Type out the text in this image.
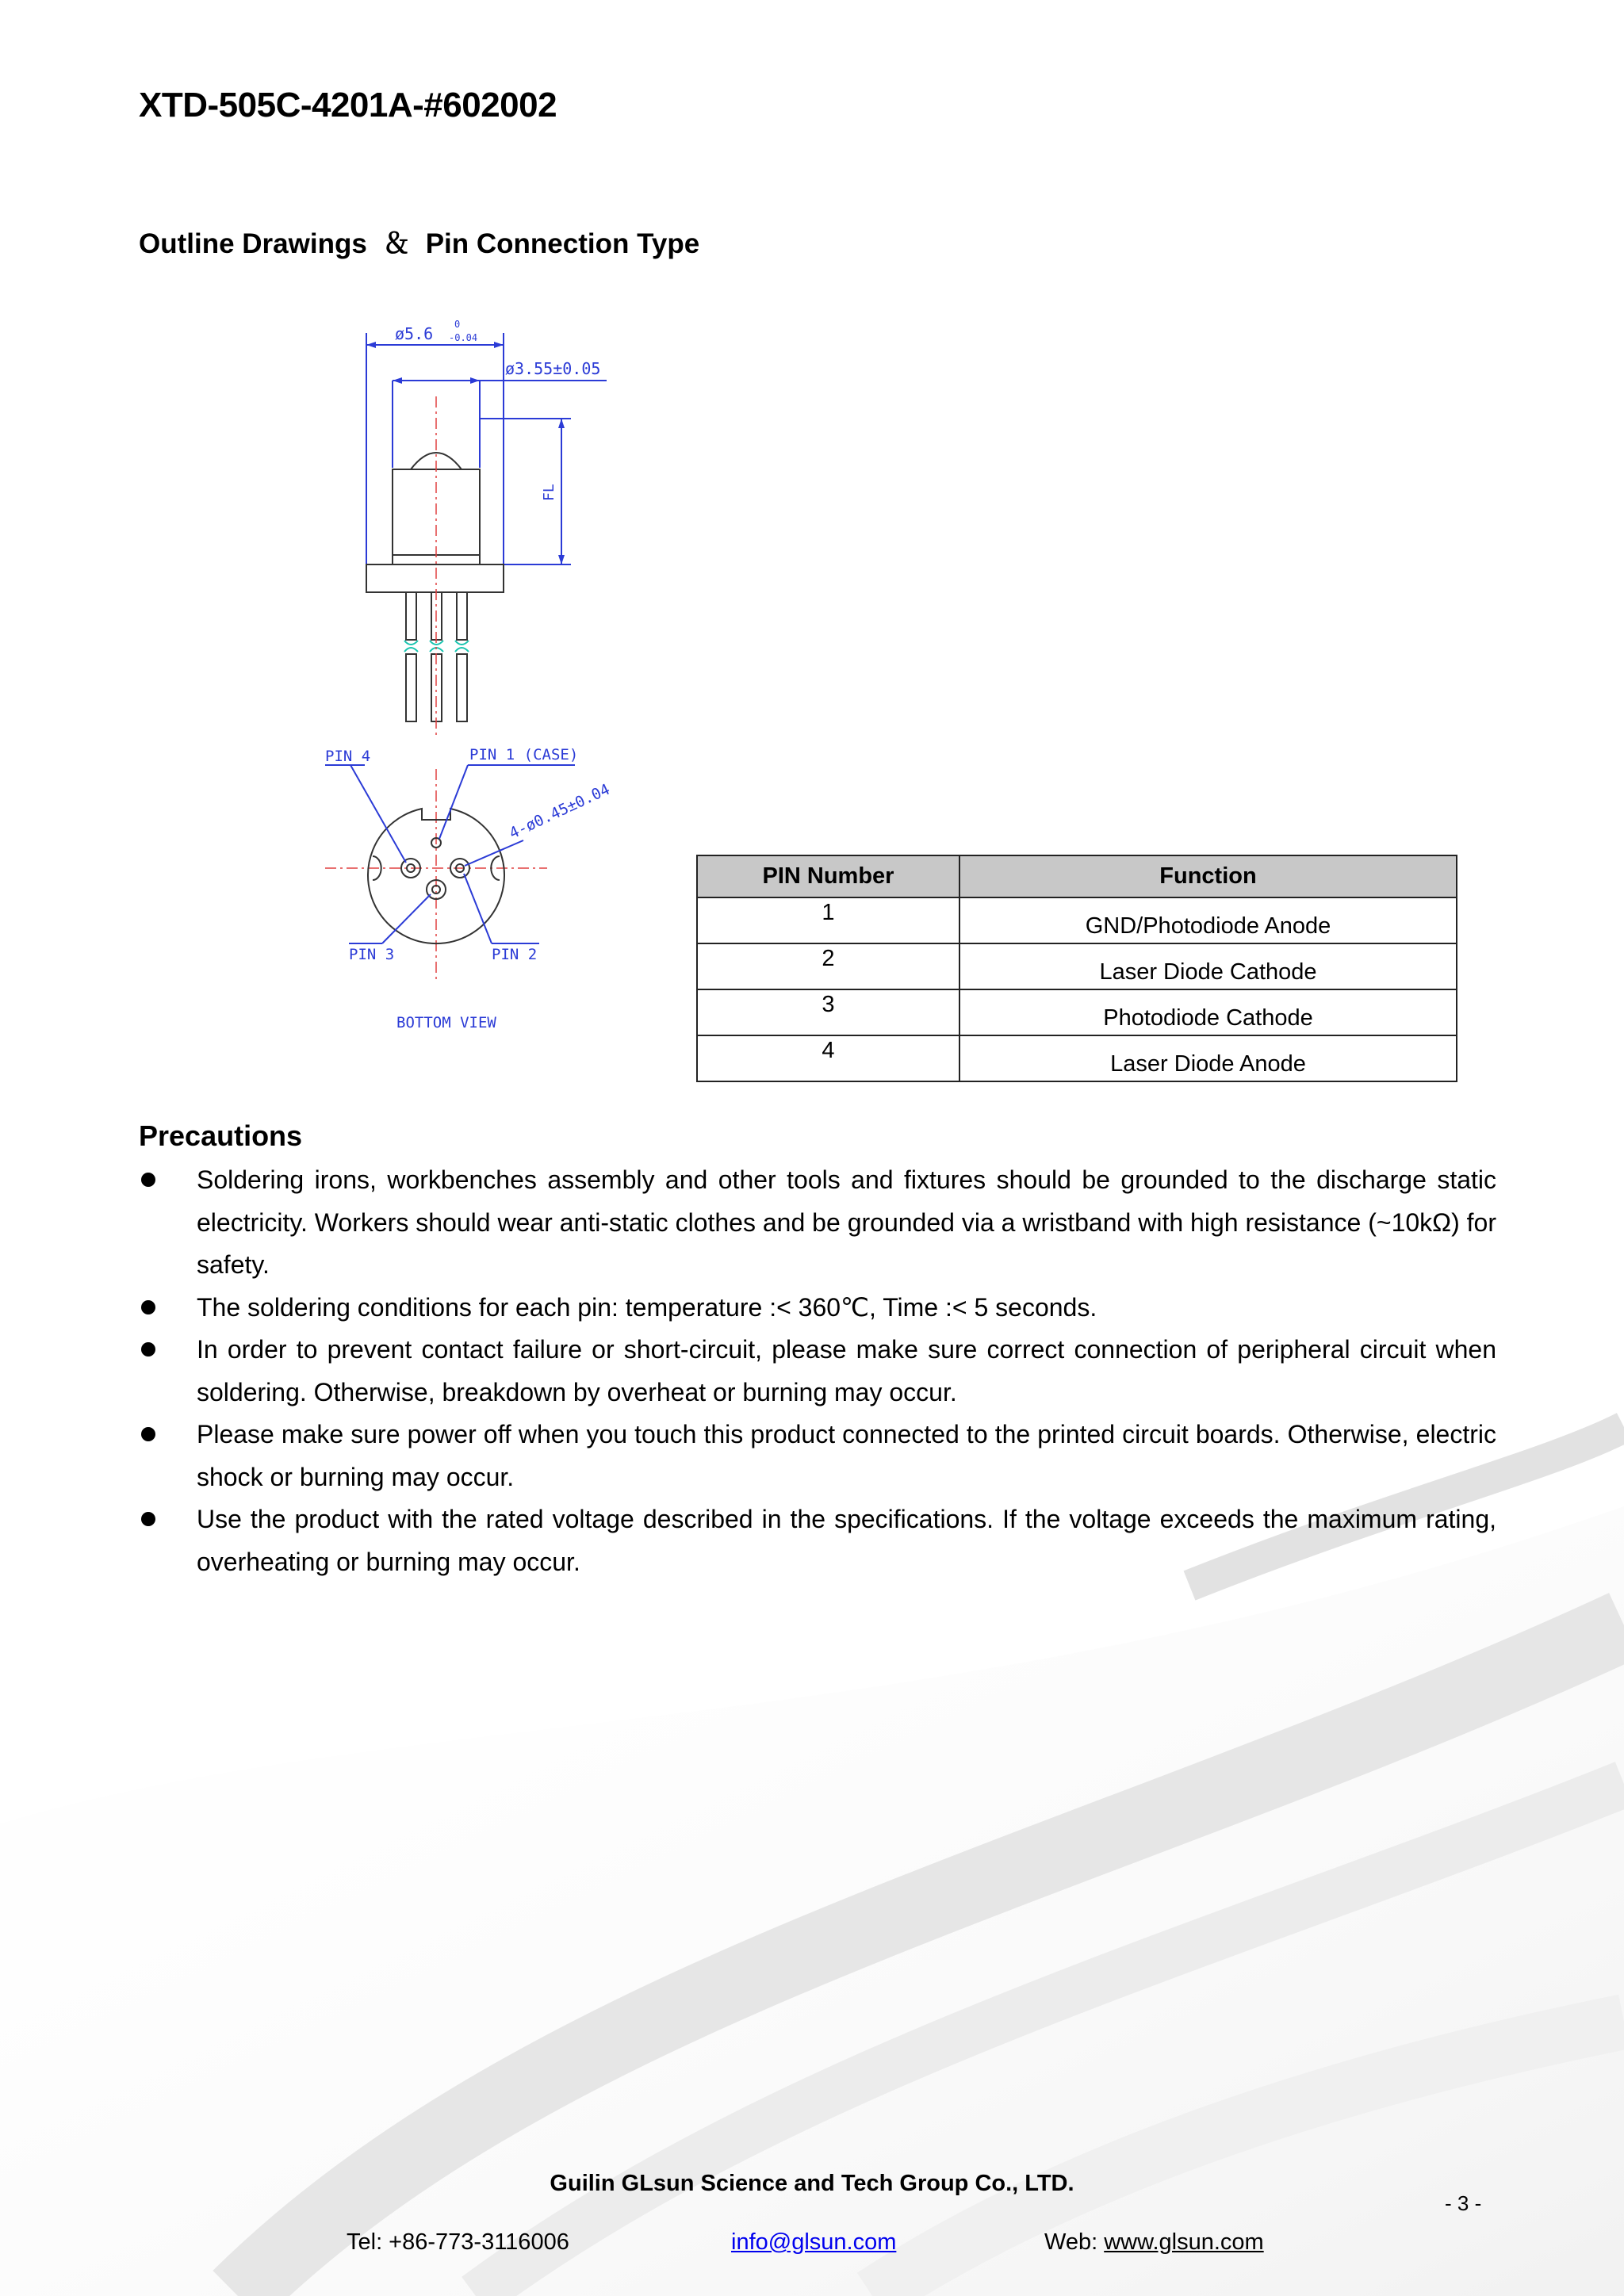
XTD-505C-4201A-#602002
Outline Drawings  ＆  Pin Connection Type
ø5.6 0
-0.04
ø3.55±0.05
FL
PIN 4	PIN 1 (CASE)
4-ø0.45±0.04
PIN 3	PIN 2
BOTTOM VIEW
PIN Number	Function
1	GND/Photodiode Anode
2	Laser Diode Cathode
3	Photodiode Cathode
4	Laser Diode Anode
Precautions
Soldering irons, workbenches assembly and other tools and fixtures should be grounded to the discharge static electricity. Workers should wear anti-static clothes and be grounded via a wristband with high resistance (~10kΩ) for safety.
The soldering conditions for each pin: temperature :< 360℃, Time :< 5 seconds.
In order to prevent contact failure or short-circuit, please make sure correct connection of peripheral circuit when soldering. Otherwise, breakdown by overheat or burning may occur.
Please make sure power off when you touch this product connected to the printed circuit boards. Otherwise, electric shock or burning may occur.
Use the product with the rated voltage described in the specifications. If the voltage exceeds the maximum rating, overheating or burning may occur.

Guilin GLsun Science and Tech Group Co., LTD.

- 3 -
Tel: +86-773-3116006	info@glsun.com	Web: www.glsun.com
